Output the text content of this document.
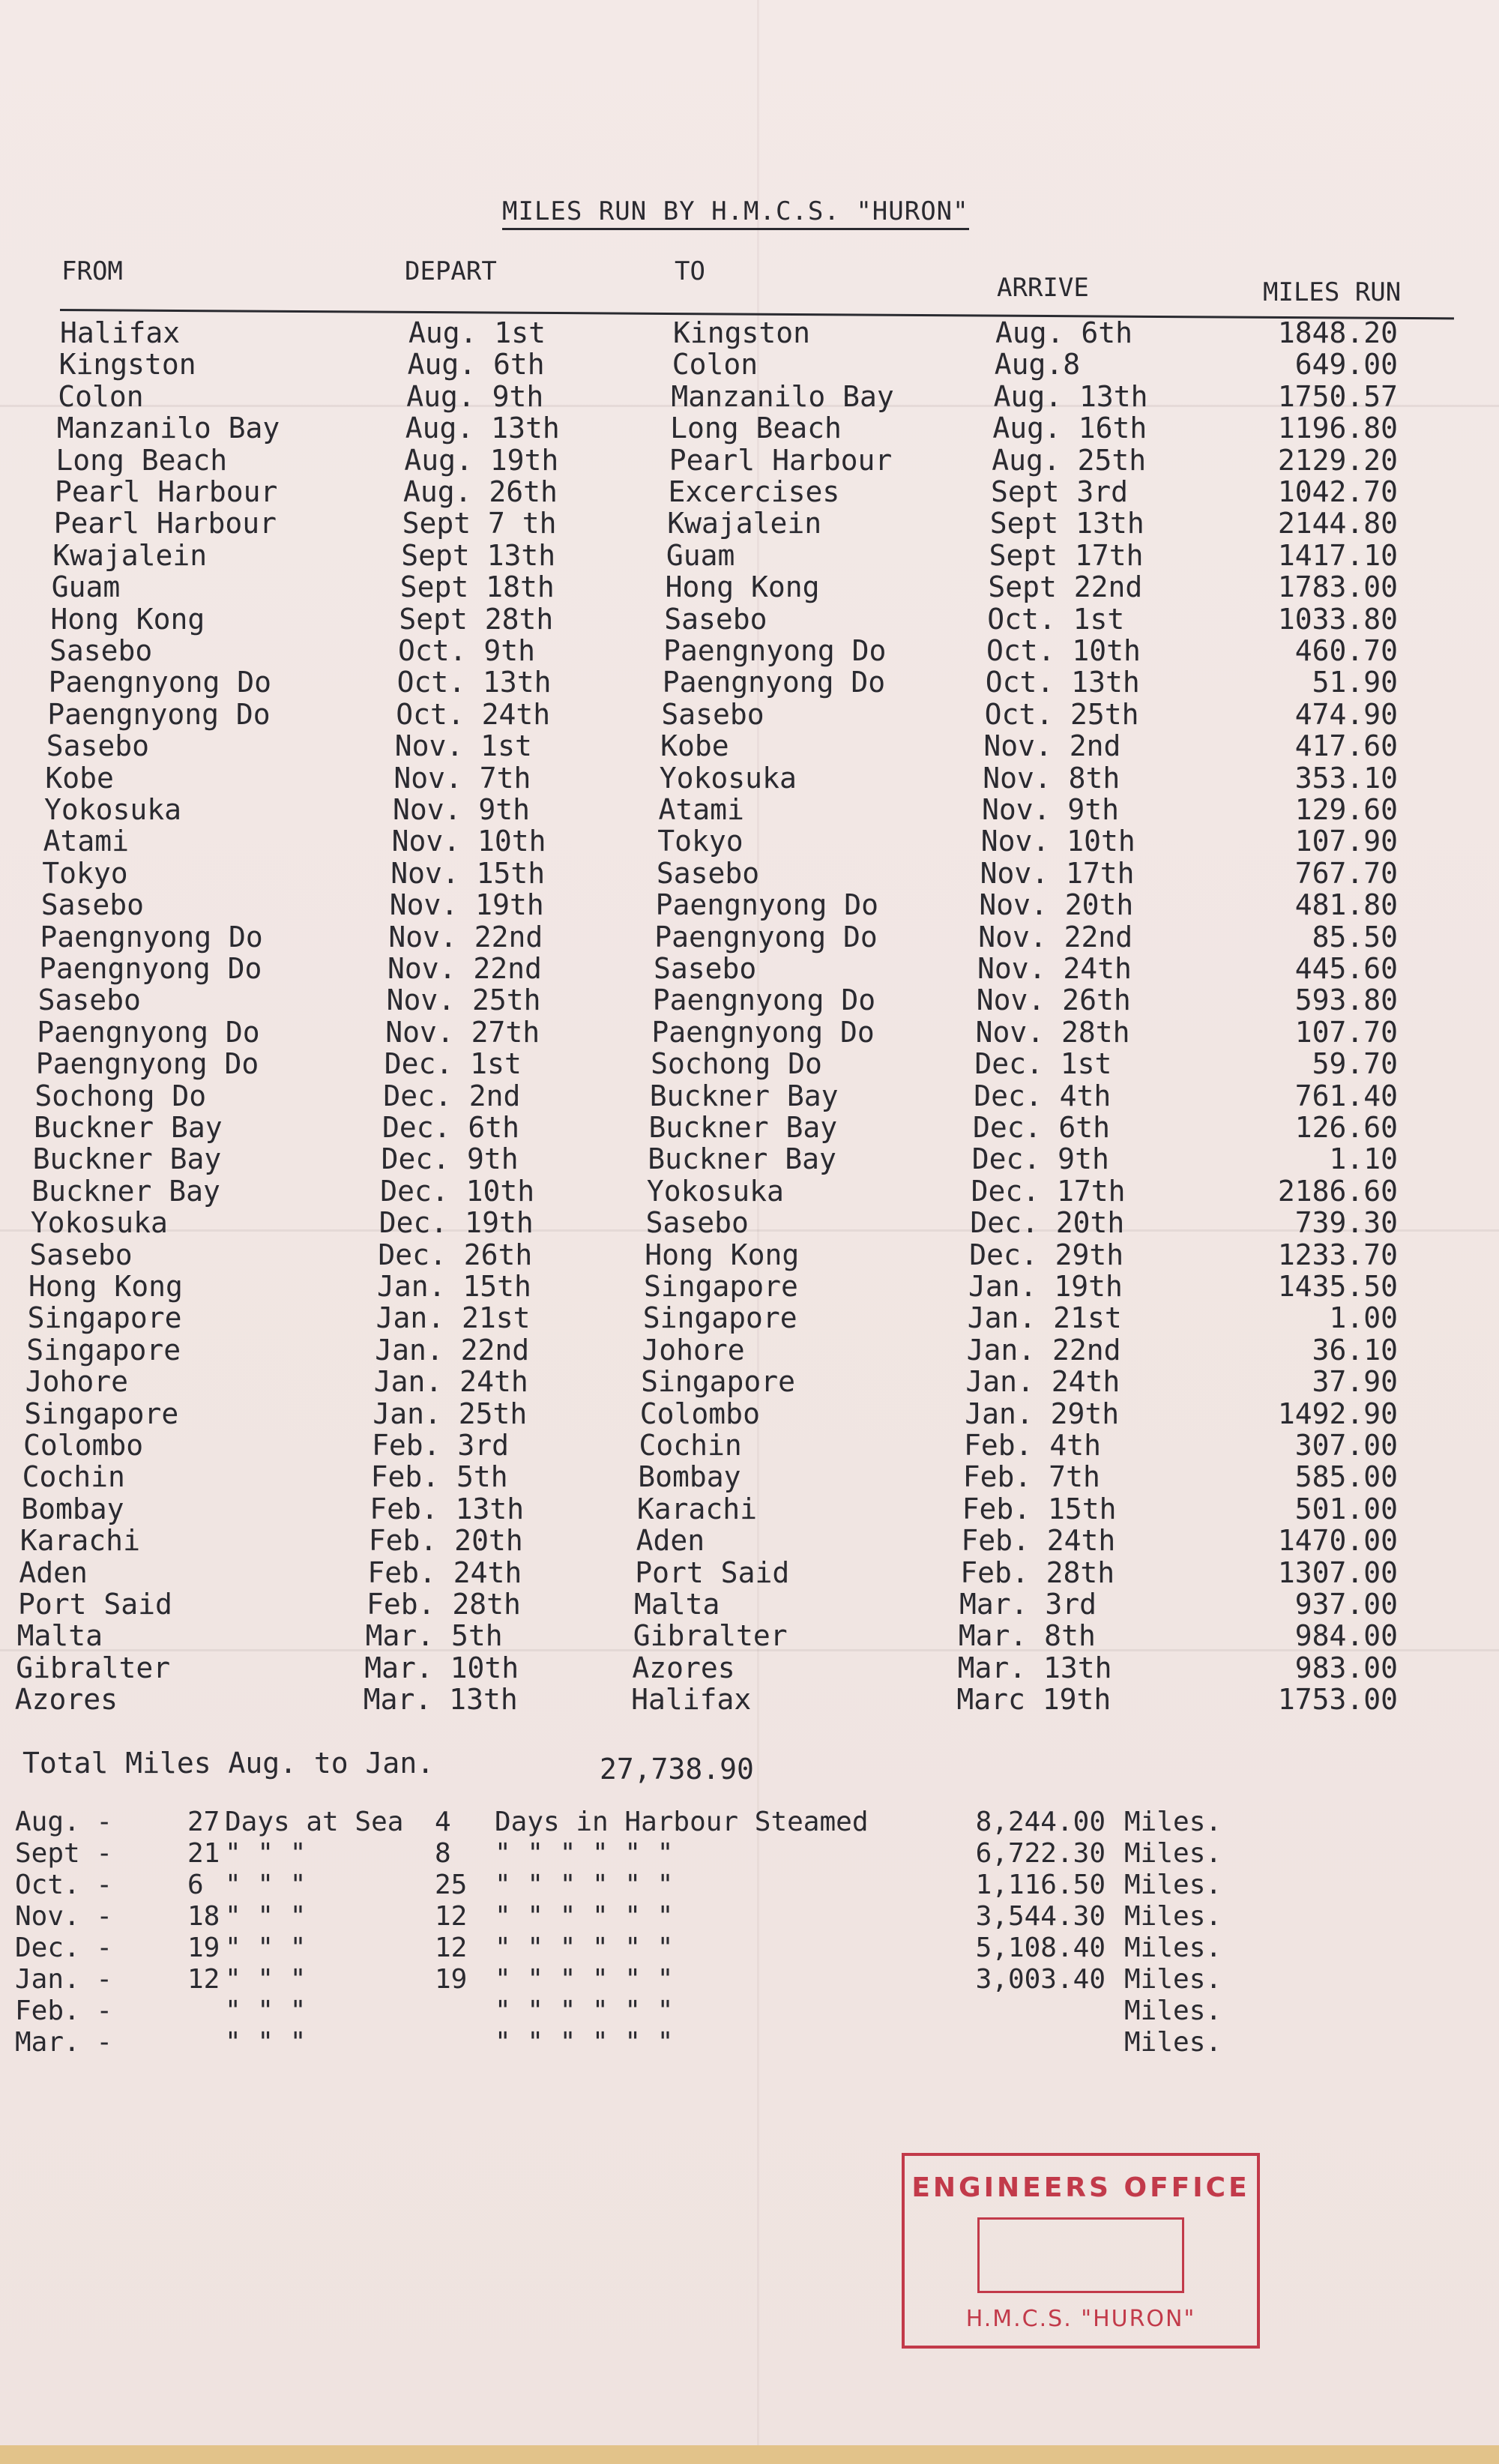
MILES RUN BY H.M.C.S. "HURON"
FROM	DEPART	TO
ARRIVE	MILES RUN
Halifax	Aug. 1st	Kingston	Aug. 6th	1848.20
Kingston	Aug. 6th	Colon	Aug.8	649.00
Colon	Aug. 9th	Manzanilo Bay	Aug. 13th	1750.57
Manzanilo Bay	Aug. 13th	Long Beach	Aug. 16th	1196.80
Long Beach	Aug. 19th	Pearl Harbour	Aug. 25th	2129.20
Pearl Harbour	Aug. 26th	Excercises	Sept 3rd	1042.70
Pearl Harbour	Sept 7 th	Kwajalein	Sept 13th	2144.80
Kwajalein	Sept 13th	Guam	Sept 17th	1417.10
Guam	Sept 18th	Hong Kong	Sept 22nd	1783.00
Hong Kong	Sept 28th	Sasebo	Oct. 1st	1033.80
Sasebo	Oct. 9th	Paengnyong Do	Oct. 10th	460.70
Paengnyong Do	Oct. 13th	Paengnyong Do	Oct. 13th	51.90
Paengnyong Do	Oct. 24th	Sasebo	Oct. 25th	474.90
Sasebo	Nov. 1st	Kobe	Nov. 2nd	417.60
Kobe	Nov. 7th	Yokosuka	Nov. 8th	353.10
Yokosuka	Nov. 9th	Atami	Nov. 9th	129.60
Atami	Nov. 10th	Tokyo	Nov. 10th	107.90
Tokyo	Nov. 15th	Sasebo	Nov. 17th	767.70
Sasebo	Nov. 19th	Paengnyong Do	Nov. 20th	481.80
Paengnyong Do	Nov. 22nd	Paengnyong Do	Nov. 22nd	85.50
Paengnyong Do	Nov. 22nd	Sasebo	Nov. 24th	445.60
Sasebo	Nov. 25th	Paengnyong Do	Nov. 26th	593.80
Paengnyong Do	Nov. 27th	Paengnyong Do	Nov. 28th	107.70
Paengnyong Do	Dec. 1st	Sochong Do	Dec. 1st	59.70
Sochong Do	Dec. 2nd	Buckner Bay	Dec. 4th	761.40
Buckner Bay	Dec. 6th	Buckner Bay	Dec. 6th	126.60
Buckner Bay	Dec. 9th	Buckner Bay	Dec. 9th	1.10
Buckner Bay	Dec. 10th	Yokosuka	Dec. 17th	2186.60
Yokosuka	Dec. 19th	Sasebo	Dec. 20th	739.30
Sasebo	Dec. 26th	Hong Kong	Dec. 29th	1233.70
Hong Kong	Jan. 15th	Singapore	Jan. 19th	1435.50
Singapore	Jan. 21st	Singapore	Jan. 21st	1.00
Singapore	Jan. 22nd	Johore	Jan. 22nd	36.10
Johore	Jan. 24th	Singapore	Jan. 24th	37.90
Singapore	Jan. 25th	Colombo	Jan. 29th	1492.90
Colombo	Feb. 3rd	Cochin	Feb. 4th	307.00
Cochin	Feb. 5th	Bombay	Feb. 7th	585.00
Bombay	Feb. 13th	Karachi	Feb. 15th	501.00
Karachi	Feb. 20th	Aden	Feb. 24th	1470.00
Aden	Feb. 24th	Port Said	Feb. 28th	1307.00
Port Said	Feb. 28th	Malta	Mar. 3rd	937.00
Malta	Mar. 5th	Gibralter	Mar. 8th	984.00
Gibralter	Mar. 10th	Azores	Mar. 13th	983.00
Azores	Mar. 13th	Halifax	Marc 19th	1753.00
Total Miles Aug. to Jan.	27,738.90
Aug. -	27 Days at Sea 4 Days in Harbour Steamed	8,244.00 Miles.
Sept -	21 " " "	8 " " " " " "	6,722.30 Miles.
Oct. -	6 " " "	25 " " " " " "	1,116.50 Miles.
Nov. -	18 " " "	12 " " " " " "	3,544.30 Miles.
Dec. -	19 " " "	12 " " " " " "	5,108.40 Miles.
Jan. -	12 " " "	19 " " " " " "	3,003.40 Miles.
Feb. -	" " "	" " " " " "	Miles.
Mar. -	" " "	" " " " " "	Miles.
ENGINEERS OFFICE
H.M.C.S. "HURON"
